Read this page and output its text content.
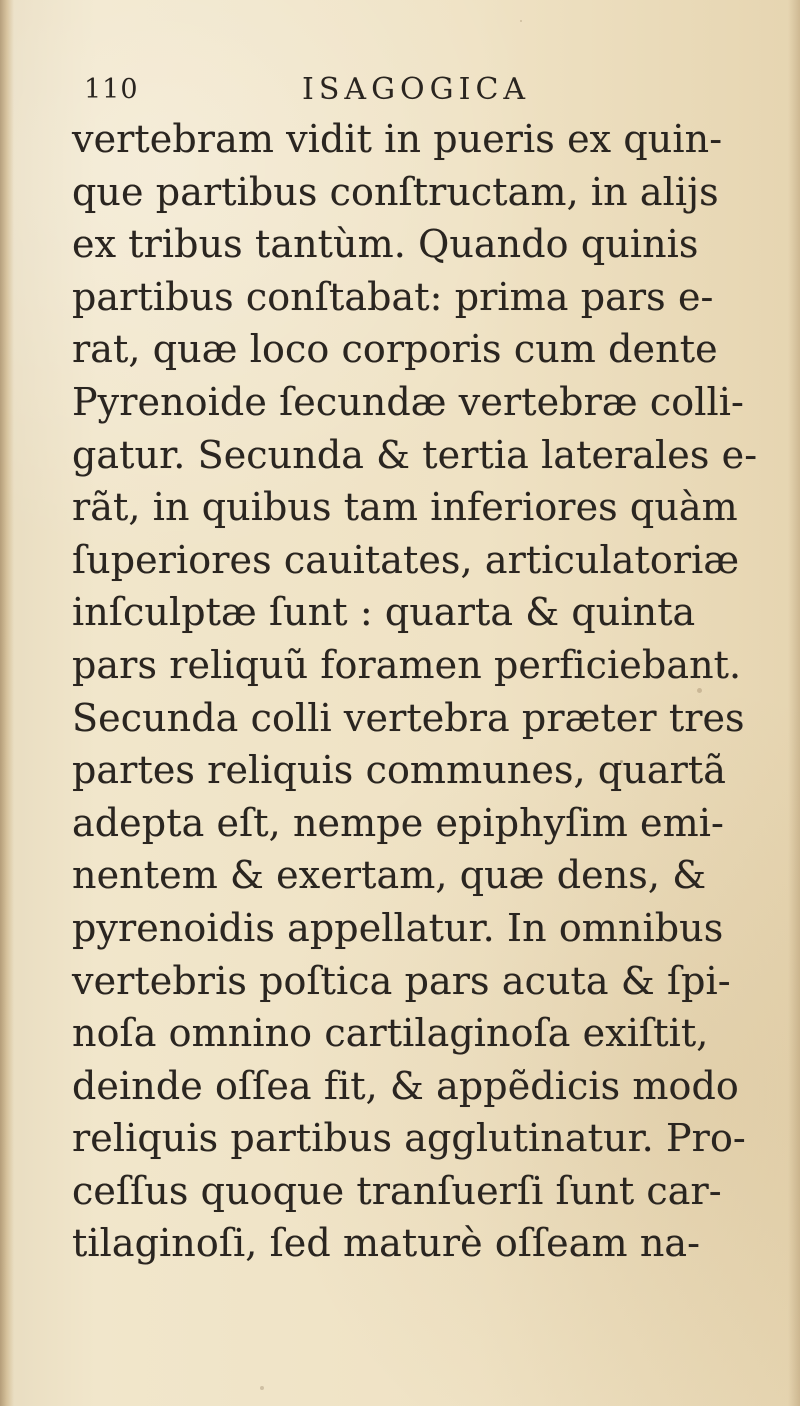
110	ISAGOGICA
vertebram vidit in pueris ex quin-
que partibus conſtructam, in alijs
ex tribus tantùm. Quando quinis
partibus conſtabat: prima pars e-
rat, quæ loco corporis cum dente
Pyrenoide ſecundæ vertebræ colli-
gatur. Secunda & tertia laterales e-
rãt, in quibus tam inferiores quàm
ſuperiores cauitates, articulatoriæ
inſculptæ ſunt : quarta & quinta
pars reliquũ foramen perficiebant.
Secunda colli vertebra præter tres
partes reliquis communes, quartã
adepta eſt, nempe epiphyſim emi-
nentem & exertam, quæ dens, &
pyrenoidis appellatur. In omnibus
vertebris poſtica pars acuta & ſpi-
noſa omnino cartilaginoſa exiſtit,
deinde oſſea fit, & appẽdicis modo
reliquis partibus agglutinatur. Pro-
ceſſus quoque tranſuerſi ſunt car-
tilaginoſi, ſed maturè oſſeam na-
